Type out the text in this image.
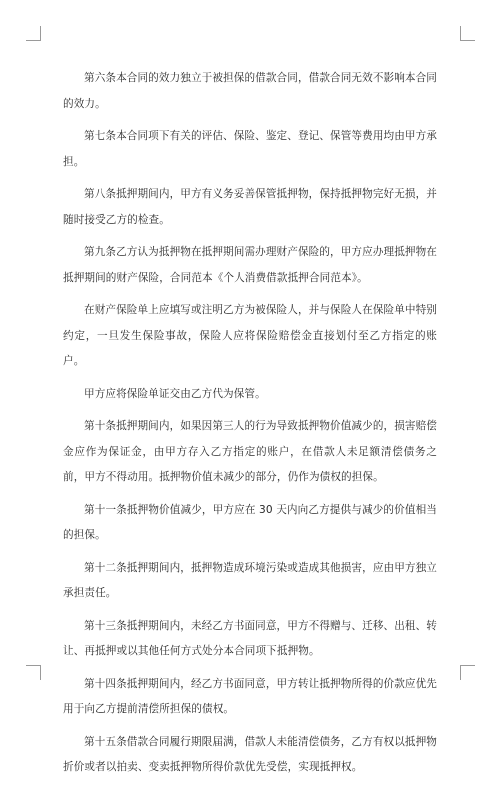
第六条本合同的效力独立于被担保的借款合同，借款合同无效不影响本合同的效力。

第七条本合同项下有关的评估、保险、鉴定、登记、保管等费用均由甲方承担。

第八条抵押期间内，甲方有义务妥善保管抵押物，保持抵押物完好无损，并随时接受乙方的检查。

第九条乙方认为抵押物在抵押期间需办理财产保险的，甲方应办理抵押物在抵押期间的财产保险，合同范本《个人消费借款抵押合同范本》。

在财产保险单上应填写或注明乙方为被保险人，并与保险人在保险单中特别约定，一旦发生保险事故，保险人应将保险赔偿金直接划付至乙方指定的账户。

甲方应将保险单证交由乙方代为保管。

第十条抵押期间内，如果因第三人的行为导致抵押物价值减少的，损害赔偿金应作为保证金，由甲方存入乙方指定的账户，在借款人未足额清偿债务之前，甲方不得动用。抵押物价值未减少的部分，仍作为债权的担保。

第十一条抵押物价值减少，甲方应在 30 天内向乙方提供与减少的价值相当的担保。

第十二条抵押期间内，抵押物造成环境污染或造成其他损害，应由甲方独立承担责任。

第十三条抵押期间内，未经乙方书面同意，甲方不得赠与、迁移、出租、转让、再抵押或以其他任何方式处分本合同项下抵押物。

第十四条抵押期间内，经乙方书面同意，甲方转让抵押物所得的价款应优先用于向乙方提前清偿所担保的债权。

第十五条借款合同履行期限届满，借款人未能清偿债务，乙方有权以抵押物折价或者以拍卖、变卖抵押物所得价款优先受偿，实现抵押权。
